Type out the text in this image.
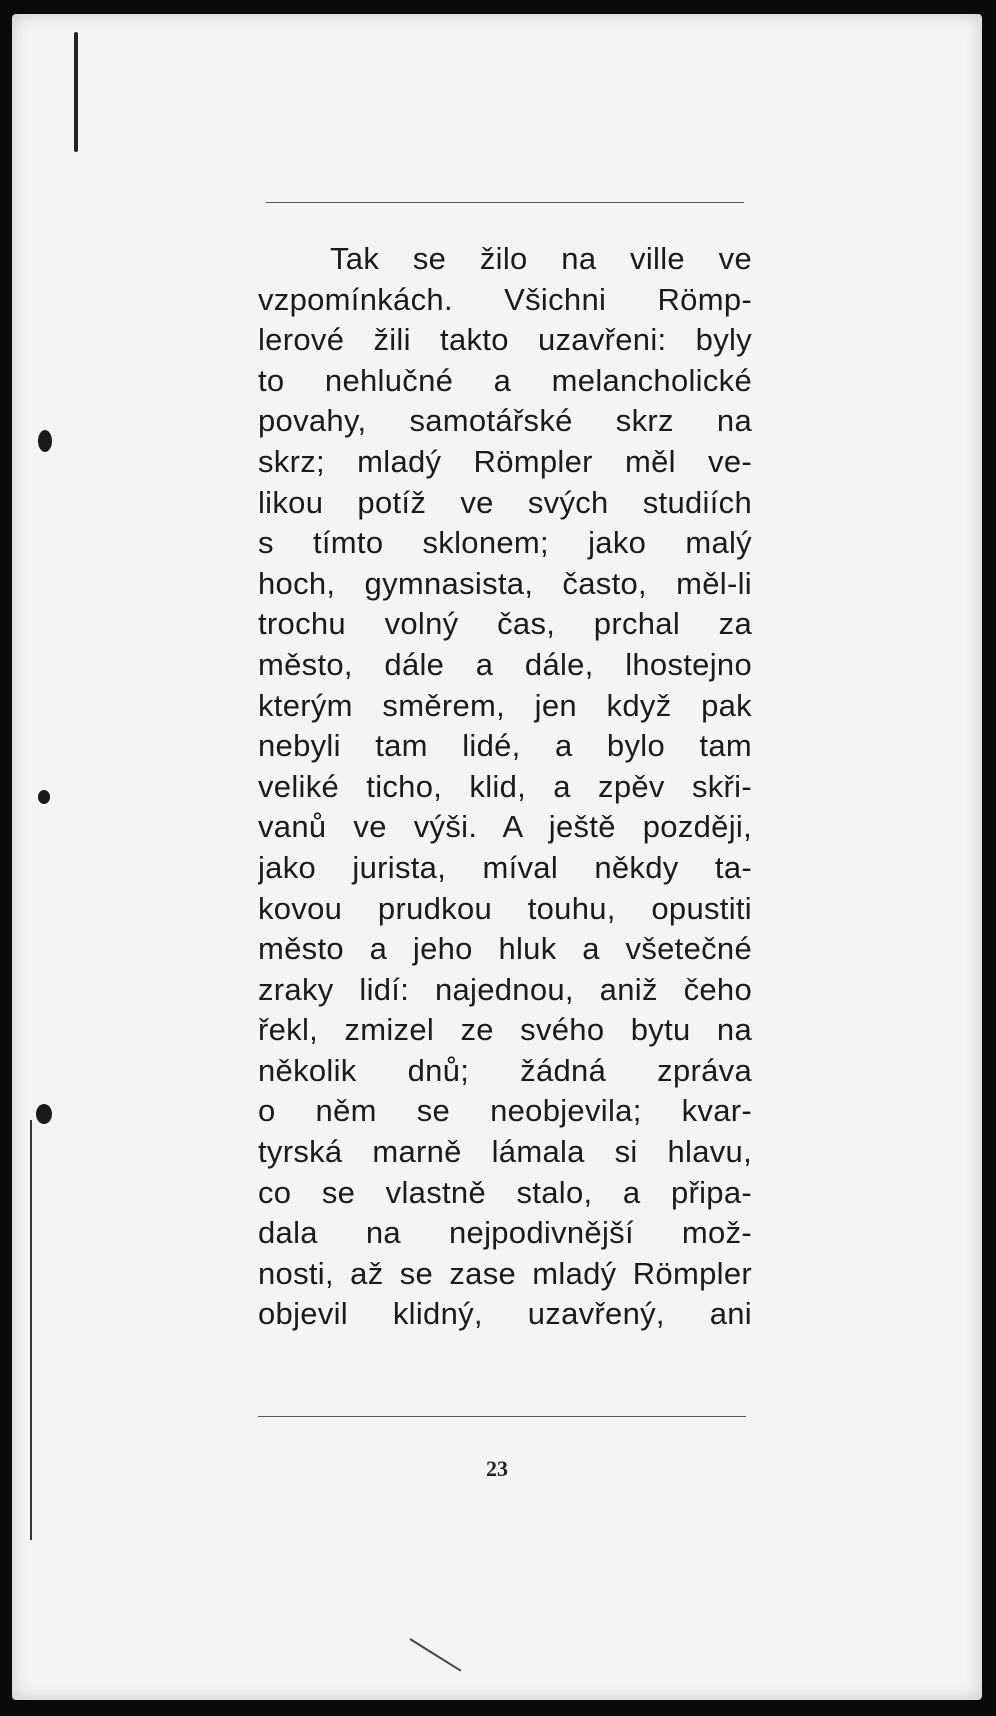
Tak se žilo na ville ve
vzpomínkách. Všichni Römp-
lerové žili takto uzavřeni: byly
to nehlučné a melancholické
povahy, samotářské skrz na
skrz; mladý Römpler měl ve-
likou potíž ve svých studiích
s tímto sklonem; jako malý
hoch, gymnasista, často, měl-li
trochu volný čas, prchal za
město, dále a dále, lhostejno
kterým směrem, jen když pak
nebyli tam lidé, a bylo tam
veliké ticho, klid, a zpěv skři-
vanů ve výši. A ještě později,
jako jurista, míval někdy ta-
kovou prudkou touhu, opustiti
město a jeho hluk a všetečné
zraky lidí: najednou, aniž čeho
řekl, zmizel ze svého bytu na
několik dnů; žádná zpráva
o něm se neobjevila; kvar-
tyrská marně lámala si hlavu,
co se vlastně stalo, a připa-
dala na nejpodivnější mož-
nosti, až se zase mladý Römpler
objevil klidný, uzavřený, ani
23
